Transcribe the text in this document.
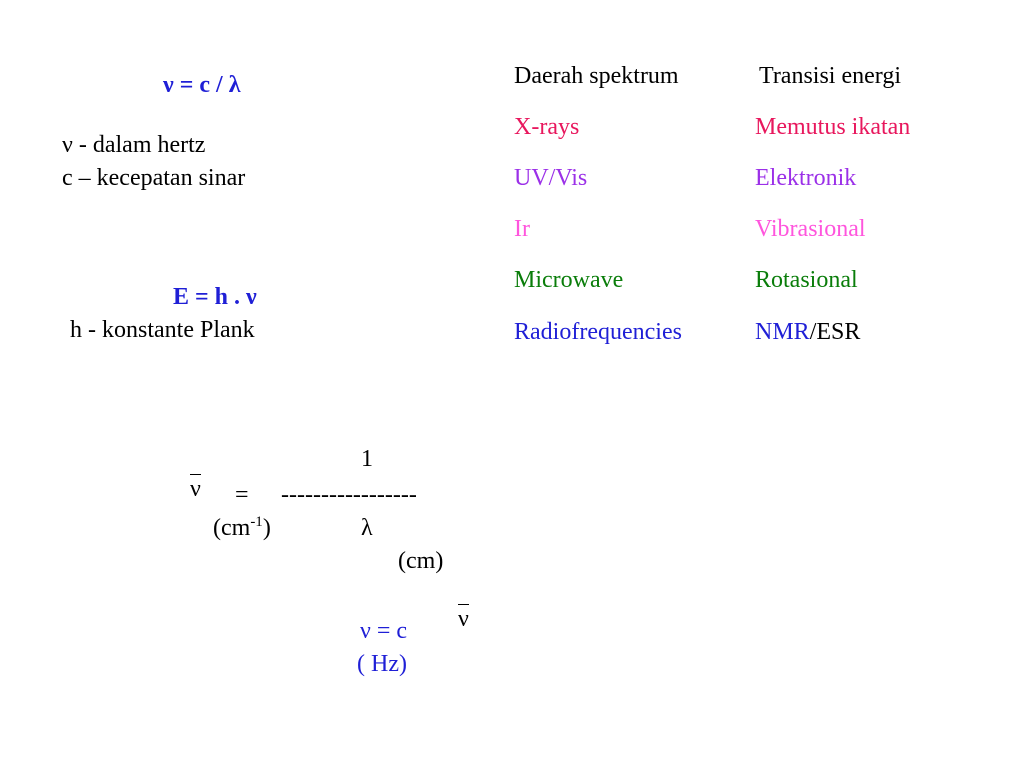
ν = c / λ
ν - dalam hertz
c – kecepatan sinar
E = h . ν
h - konstante Plank
Daerah spektrum	Transisi energi
X-rays	Memutus ikatan
UV/Vis	Elektronik
Ir	Vibrasional
Microwave	Rotasional
Radiofrequencies	NMR/ESR
1
ν = -----------------
$(cm^{-1})$	λ
(cm)
ν = c ν
( Hz)
